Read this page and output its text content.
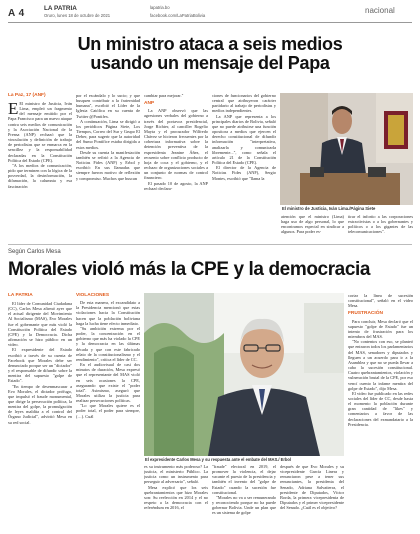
A 4	LA PATRIA
Oruro, lunes 18 de octubre de 2021
lapatria.bo
facebook.com/LaPatriaBolivia
nacional
Un ministro ataca a seis medios
usando un mensaje del Papa
La Paz, 17 (ANF)

E El ministro de Justicia, Iván Lima, empleó un fragmento del mensaje emitido por el Papa Francisco para un nuevo ataque contra seis medios de comunicación y la Asociación Nacional de la Prensa (ANP) rechazó que la vinculación y definición de trabajo de periodistas que se enmarca en la sencillez y la responsabilidad declaradas en la Constitución Política del Estado (CPE).

"A los medios de comunicación, pido que terminen con la lógica de la posverdad, la desinformación, la difamación, la calumnia y esa fascinación

por el escándalo y lo sucio; y que busquen contribuir a la fraternidad humana", escribió el Líder de la Iglesia Católica en su cuenta de Twitter @Pontifex.

A continuación, Lima se dirigió a los periódicos Página Siete, Los Tiempos, Correo del Sur y Grupo El Deber, para sugerir que la autoridad del Sumo Pontífice estaba dirigida a estos medios.

Desde su cuenta la manifestación también se refirió a la Agencia de Noticias Fides (ANF) y Erbol y escribió: En sus llamadas que siempre fueron motivo de reflexión y compromiso. Muchos que buscan

cambiar para mejorar."

ANP

La ANP observó que las agresiones verbales del gobierno a través del portavoz presidencial, Jorge Richter, al canciller Rogelio Mayta y el procurador Wilfredo Chávez se hicieron frecuentes por la cobertura informativa sobre la detención preventiva de la expresidenta Jeanine Áñez, el recuento sobre conflicto producto de hoja de coca y el gobierno, y el rechazo de organizaciones sociales a un conjunto de normas de control financiero.

El pasado 10 de agosto, la ANP rechazó declara-

ciones de funcionarios del gobierno central que atribuyeron carácter partidario al trabajo de periodistas y medios independientes.

La ANP que representa a los principales diarios de Bolivia, señaló que no puede atribuirse una función opositora a medios que ejercen el derecho constitucional de difundir información "interpretativa, analizarla y comunicarla libremente...", como señala el artículo 21 de la Constitución Política del Estado (CPE).

El director de la Agencia de Noticias Fides (ANF), Sergio Montes, escribió que "llama la

El ministro de Justicia, Iván Lima./Página Siete

atención que el ministro (Lima) haga uso de algo personal, lo que encontramos especial en sindicar a algunos. Para poder es-

tirar el infortio a las corporaciones extractivistas o a los gobernantes y políticos o a los gigantes de las telecomunicaciones".

Según Carlos Mesa
Morales violó más la CPE y la democracia
LA PATRIA

El líder de Comunidad Ciudadana (CC), Carlos Mesa afirmó ayer que el actual dirigente del Movimiento Al Socialismo (MAS), Evo Morales fue el gobernante que más violó la Constitución Política del Estado (CPE) y la Democracia. Dicha afirmación se hizo público en un video.

El expresidente del Estado escribió a través de su cuenta de Facebook que Morales debe ser denunciado porque ser un "dictador" y el responsable de difundir sobre la mentira del supuesto "golpe de Estado".

"En tiempo de desenmascarar a Evo Morales, el dictador prófugo, que impulsó el fraude monumental, que dirige la persecución política, la mentira del golpe, la promulgación de leyes maldita a el control del Órgano Judicial", advirtió Mesa en su red social.

VIOLACIONES

De esta manera, el excandidato a la Presidencia mencionó que estas violaciones hacia la Constitución hacen que la población boliviana haga la lucha tiene efecto inmediato.

"Su ambición extrema por el poder, la concentración en el gobierno que más ha violado la CPE y la democracia en las últimas década y que con este fabricado relato de la constitucionalismo y el rendimiento", critica el líder de CC.

En el audiovisual de casi dos minutos de duración, Mesa expresó que el representante del MAS violó en seis ocasiones la CPE, asegurando que existe el "poder total". Asimismo, aseguró que Morales utiliza la justicia para realizar persecuciones políticas.

"Lo que Morales quiere es el poder total, el poder para siempre, (…). Cuál

El expresidente Carlos Mesa y su respuesta ante el embate del MAS./ Erbol

es su instrumento más poderoso? La justicia, el ministerio Público. La justicia como un instrumento para perseguir al adversario", señaló.

Mesa explicó que los seis quebrantamientos que hizo Morales son: Su reelección en 2014 y el no respeto a la democracia con el referéndum en 2016, el

"fraude" electoral en 2019, el promover la violencia, el dejar vacante el puesto de la presidencia y también el invento del "golpe de Estado" cuando la sucesión fue constitucional.

"Morales no va a ser remunerando y reconociendo porque no ha puede gobernar Bolivia. Unde un plan que es un sistema de golpe

después de que Evo Morales y su vicepresidente García Linera y renunciaron pese a tener sus renunciantes, la presidenta del Senado, Adriana Salvatierra, el presidente de Diputados, Víctor Borda, la primera vicepresidenta de Diputados y el primer vicepresidente del Senado. ¿Cuál es el objetivo?

cortar la línea de sucesión constitucional", señaló en el video Mesa.

FRUSTRACIÓN

Para concluir, Mesa declaró que el supuesto "golpe de Estado" fue un intento de frustración para los miembros del MAS.

"No contentos con eso, se planteó que entraron todos los parlamentarios del MAS, senadores y diputados y lleguen a un acuerdo para ir a la Asamblea y que no se pueda llevar a cabo la sucesión constitucional. Cuatro quebrantamientos, violación y vulneración brutal de la CPE, por eso vencí cuento la infame mentira del golpe de Estado", dijo Mesa.

El video fue publicado en las redes sociales del líder de CC, desde hasta el momento la población durante gran cantidad de "likes" y comentarios a favor de las declaraciones del exmandatario a la Presidencia.
